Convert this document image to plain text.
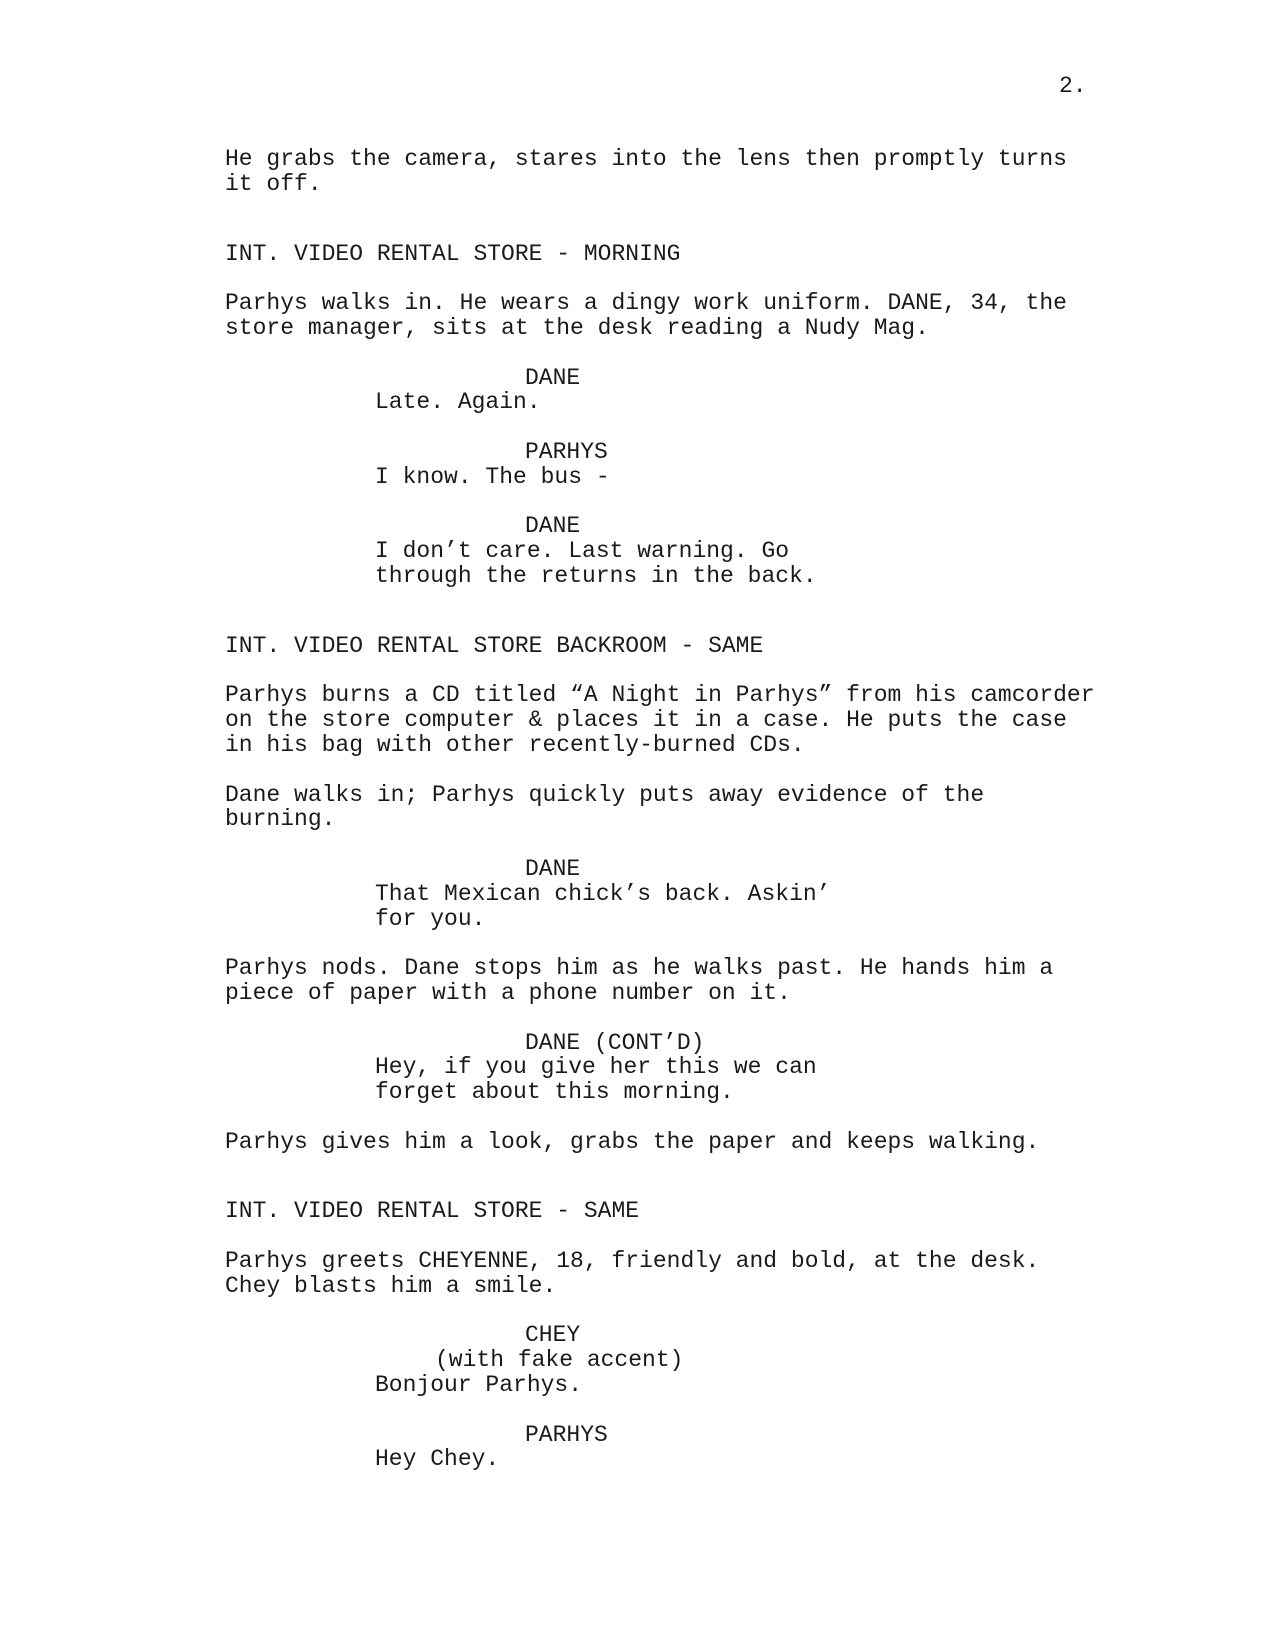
2.
He grabs the camera, stares into the lens then promptly turns it off.
INT. VIDEO RENTAL STORE - MORNING
Parhys walks in. He wears a dingy work uniform. DANE, 34, the store manager, sits at the desk reading a Nudy Mag.
DANE
Late. Again.
PARHYS
I know. The bus -
DANE
I don’t care. Last warning. Go through the returns in the back.
INT. VIDEO RENTAL STORE BACKROOM - SAME
Parhys burns a CD titled “A Night in Parhys” from his camcorder on the store computer & places it in a case. He puts the case in his bag with other recently-burned CDs.
Dane walks in; Parhys quickly puts away evidence of the burning.
DANE
That Mexican chick’s back. Askin’ for you.
Parhys nods. Dane stops him as he walks past. He hands him a piece of paper with a phone number on it.
DANE (CONT’D)
Hey, if you give her this we can forget about this morning.
Parhys gives him a look, grabs the paper and keeps walking.
INT. VIDEO RENTAL STORE - SAME
Parhys greets CHEYENNE, 18, friendly and bold, at the desk. Chey blasts him a smile.
CHEY
(with fake accent)
Bonjour Parhys.
PARHYS
Hey Chey.
